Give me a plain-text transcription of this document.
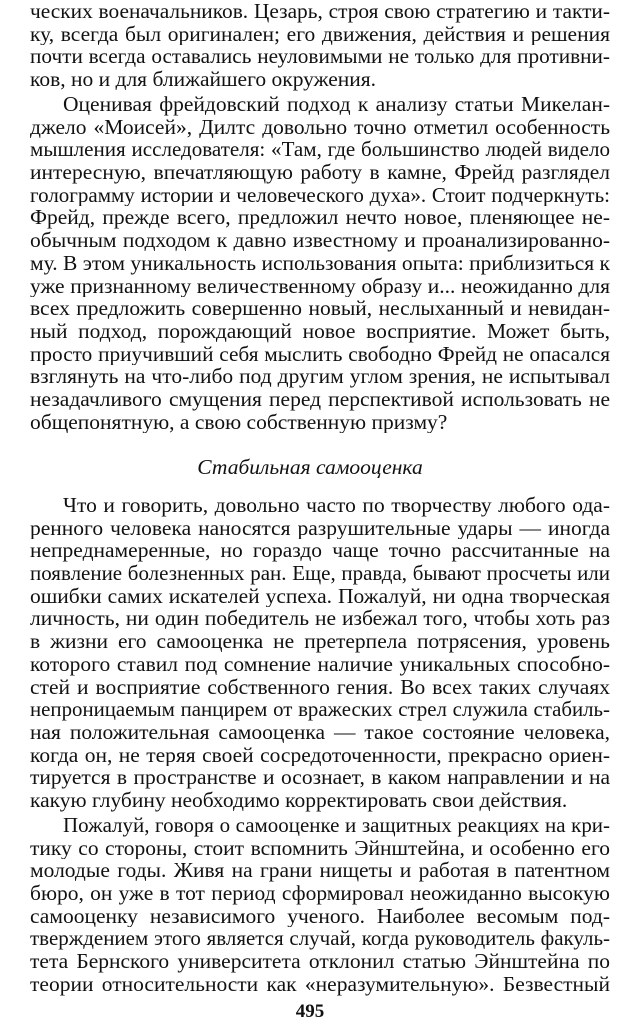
ческих военачальников. Цезарь, строя свою стратегию и такти-
ку, всегда был оригинален; его движения, действия и решения
почти всегда оставались неуловимыми не только для противни-
ков, но и для ближайшего окружения.
Оценивая фрейдовский подход к анализу статьи Микелан-
джело «Моисей», Дилтс довольно точно отметил особенность
мышления исследователя: «Там, где большинство людей видело
интересную, впечатляющую работу в камне, Фрейд разглядел
голограмму истории и человеческого духа». Стоит подчеркнуть:
Фрейд, прежде всего, предложил нечто новое, пленяющее не-
обычным подходом к давно известному и проанализированно-
му. В этом уникальность использования опыта: приблизиться к
уже признанному величественному образу и... неожиданно для
всех предложить совершенно новый, неслыханный и невидан-
ный подход, порождающий новое восприятие. Может быть,
просто приучивший себя мыслить свободно Фрейд не опасался
взглянуть на что-либо под другим углом зрения, не испытывал
незадачливого смущения перед перспективой использовать не
общепонятную, а свою собственную призму?
Стабильная самооценка
Что и говорить, довольно часто по творчеству любого ода-
ренного человека наносятся разрушительные удары — иногда
непреднамеренные, но гораздо чаще точно рассчитанные на
появление болезненных ран. Еще, правда, бывают просчеты или
ошибки самих искателей успеха. Пожалуй, ни одна творческая
личность, ни один победитель не избежал того, чтобы хоть раз
в жизни его самооценка не претерпела потрясения, уровень
которого ставил под сомнение наличие уникальных способно-
стей и восприятие собственного гения. Во всех таких случаях
непроницаемым панцирем от вражеских стрел служила стабиль-
ная положительная самооценка — такое состояние человека,
когда он, не теряя своей сосредоточенности, прекрасно ориен-
тируется в пространстве и осознает, в каком направлении и на
какую глубину необходимо корректировать свои действия.
Пожалуй, говоря о самооценке и защитных реакциях на кри-
тику со стороны, стоит вспомнить Эйнштейна, и особенно его
молодые годы. Живя на грани нищеты и работая в патентном
бюро, он уже в тот период сформировал неожиданно высокую
самооценку независимого ученого. Наиболее весомым под-
тверждением этого является случай, когда руководитель факуль-
тета Бернского университета отклонил статью Эйнштейна по
теории относительности как «неразумительную». Безвестный
495
